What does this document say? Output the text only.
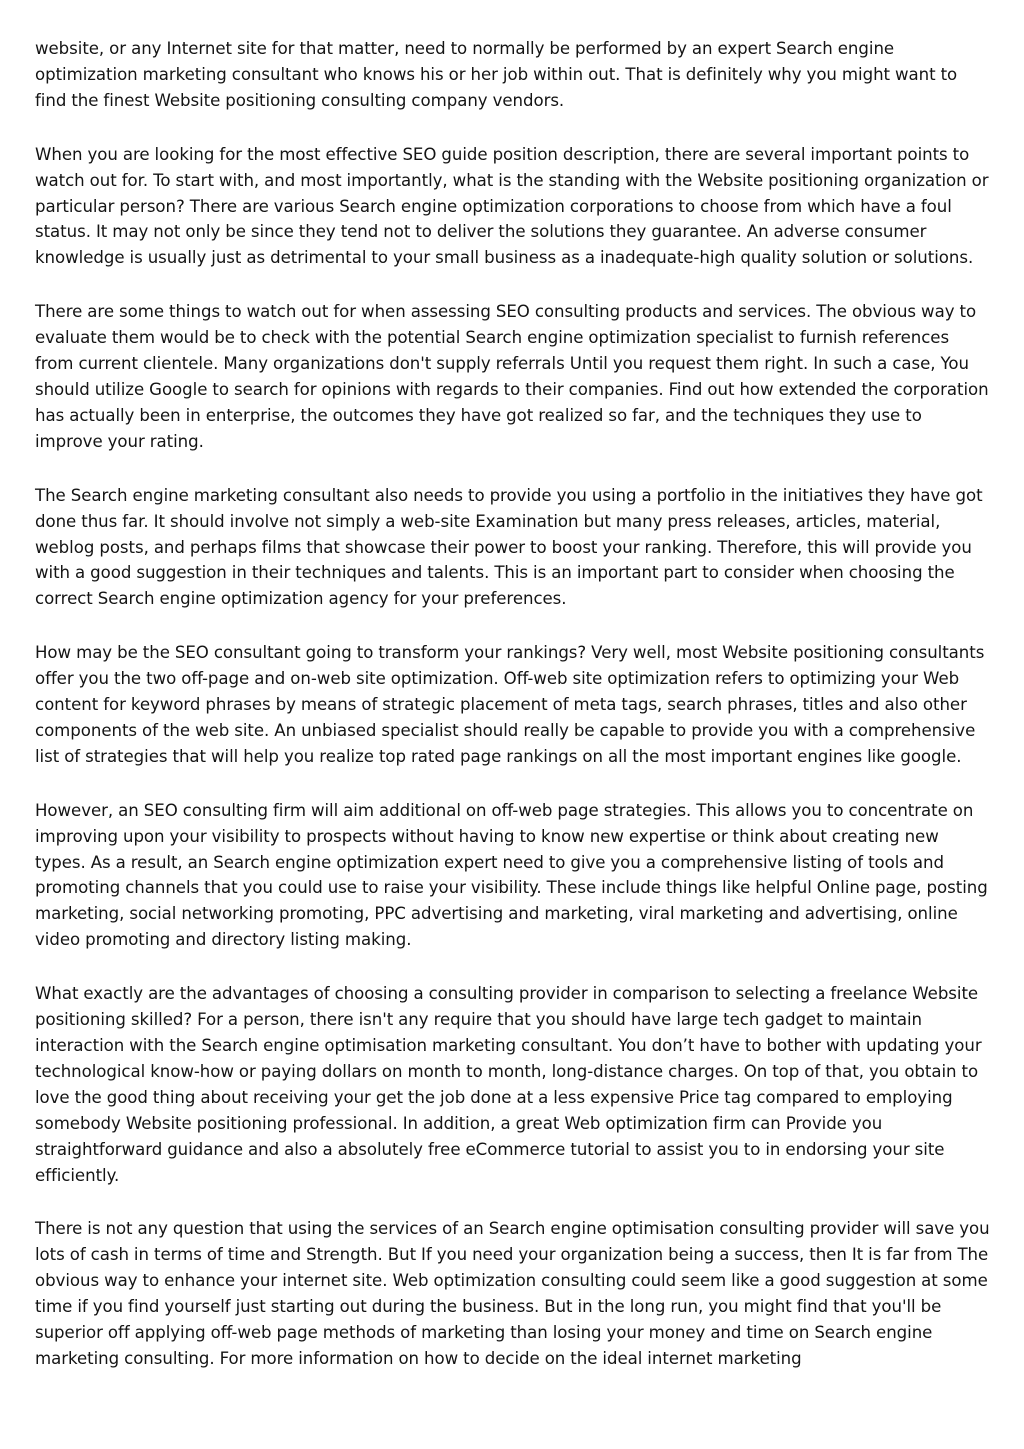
website, or any Internet site for that matter, need to normally be performed by an expert Search engine optimization marketing consultant who knows his or her job within out. That is definitely why you might want to find the finest Website positioning consulting company vendors.

When you are looking for the most effective SEO guide position description, there are several important points to watch out for. To start with, and most importantly, what is the standing with the Website positioning organization or particular person? There are various Search engine optimization corporations to choose from which have a foul status. It may not only be since they tend not to deliver the solutions they guarantee. An adverse consumer knowledge is usually just as detrimental to your small business as a inadequate-high quality solution or solutions.

There are some things to watch out for when assessing SEO consulting products and services. The obvious way to evaluate them would be to check with the potential Search engine optimization specialist to furnish references from current clientele. Many organizations don't supply referrals Until you request them right. In such a case, You should utilize Google to search for opinions with regards to their companies. Find out how extended the corporation has actually been in enterprise, the outcomes they have got realized so far, and the techniques they use to improve your rating.

The Search engine marketing consultant also needs to provide you using a portfolio in the initiatives they have got done thus far. It should involve not simply a web-site Examination but many press releases, articles, material, weblog posts, and perhaps films that showcase their power to boost your ranking. Therefore, this will provide you with a good suggestion in their techniques and talents. This is an important part to consider when choosing the correct Search engine optimization agency for your preferences.

How may be the SEO consultant going to transform your rankings? Very well, most Website positioning consultants offer you the two off-page and on-web site optimization. Off-web site optimization refers to optimizing your Web content for keyword phrases by means of strategic placement of meta tags, search phrases, titles and also other components of the web site. An unbiased specialist should really be capable to provide you with a comprehensive list of strategies that will help you realize top rated page rankings on all the most important engines like google.

However, an SEO consulting firm will aim additional on off-web page strategies. This allows you to concentrate on improving upon your visibility to prospects without having to know new expertise or think about creating new types. As a result, an Search engine optimization expert need to give you a comprehensive listing of tools and promoting channels that you could use to raise your visibility. These include things like helpful Online page, posting marketing, social networking promoting, PPC advertising and marketing, viral marketing and advertising, online video promoting and directory listing making.

What exactly are the advantages of choosing a consulting provider in comparison to selecting a freelance Website positioning skilled? For a person, there isn't any require that you should have large tech gadget to maintain interaction with the Search engine optimisation marketing consultant. You don’t have to bother with updating your technological know-how or paying dollars on month to month, long-distance charges. On top of that, you obtain to love the good thing about receiving your get the job done at a less expensive Price tag compared to employing somebody Website positioning professional. In addition, a great Web optimization firm can Provide you straightforward guidance and also a absolutely free eCommerce tutorial to assist you to in endorsing your site efficiently.

There is not any question that using the services of an Search engine optimisation consulting provider will save you lots of cash in terms of time and Strength. But If you need your organization being a success, then It is far from The obvious way to enhance your internet site. Web optimization consulting could seem like a good suggestion at some time if you find yourself just starting out during the business. But in the long run, you might find that you'll be superior off applying off-web page methods of marketing than losing your money and time on Search engine marketing consulting. For more information on how to decide on the ideal internet marketing
